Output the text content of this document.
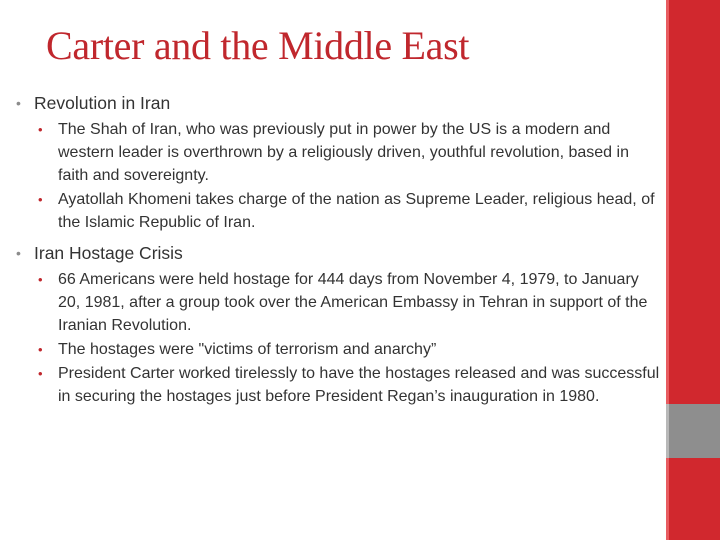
Carter and the Middle East
• Revolution in Iran
• The Shah of Iran, who was previously put in power by the US is a modern and western leader is overthrown by a religiously driven, youthful revolution, based in faith and sovereignty.
• Ayatollah Khomeni takes charge of the nation as Supreme Leader, religious head, of the Islamic Republic of Iran.
• Iran Hostage Crisis
• 66 Americans were held hostage for 444 days from November 4, 1979, to January 20, 1981, after a group took over the American Embassy in Tehran in support of the Iranian Revolution.
• The hostages were "victims of terrorism and anarchy”
• President Carter worked tirelessly to have the hostages released and was successful in securing the hostages just before President Regan’s inauguration in 1980.
